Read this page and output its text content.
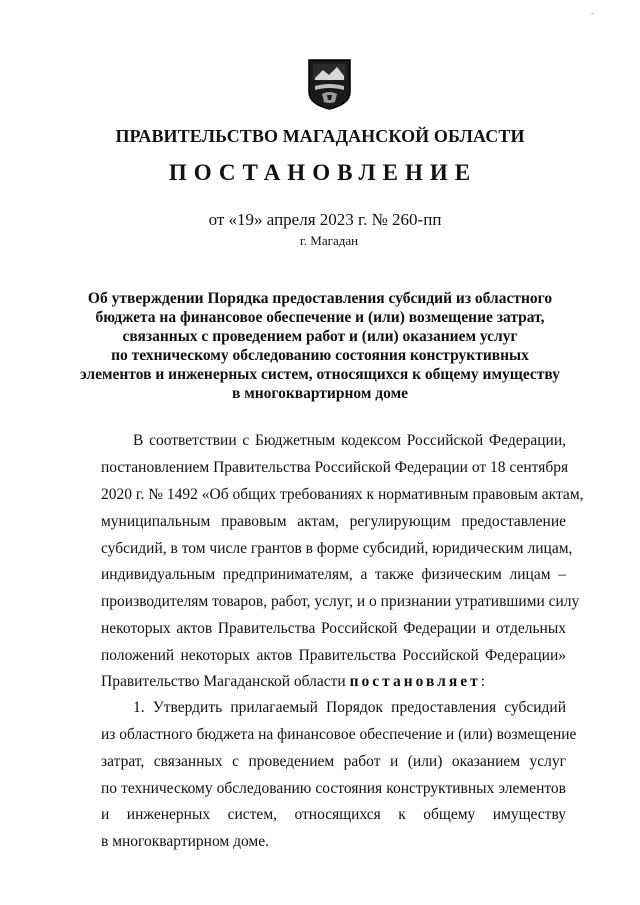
-
ПРАВИТЕЛЬСТВО МАГАДАНСКОЙ ОБЛАСТИ
ПОСТАНОВЛЕНИЕ
от «19» апреля 2023 г. № 260-пп
г. Магадан
Об утверждении Порядка предоставления субсидий из областного
бюджета на финансовое обеспечение и (или) возмещение затрат,
связанных с проведением работ и (или) оказанием услуг
по техническому обследованию состояния конструктивных
элементов и инженерных систем, относящихся к общему имуществу
в многоквартирном доме
В соответствии с Бюджетным кодексом Российской Федерации,
постановлением Правительства Российской Федерации от 18 сентября
2020 г. № 1492 «Об общих требованиях к нормативным правовым актам,
муниципальным правовым актам, регулирующим предоставление
субсидий, в том числе грантов в форме субсидий, юридическим лицам,
индивидуальным предпринимателям, а также физическим лицам –
производителям товаров, работ, услуг, и о признании утратившими силу
некоторых актов Правительства Российской Федерации и отдельных
положений некоторых актов Правительства Российской Федерации»
Правительство Магаданской области постановляет:
1. Утвердить прилагаемый Порядок предоставления субсидий
из областного бюджета на финансовое обеспечение и (или) возмещение
затрат, связанных с проведением работ и (или) оказанием услуг
по техническому обследованию состояния конструктивных элементов
и инженерных систем, относящихся к общему имуществу
в многоквартирном доме.
